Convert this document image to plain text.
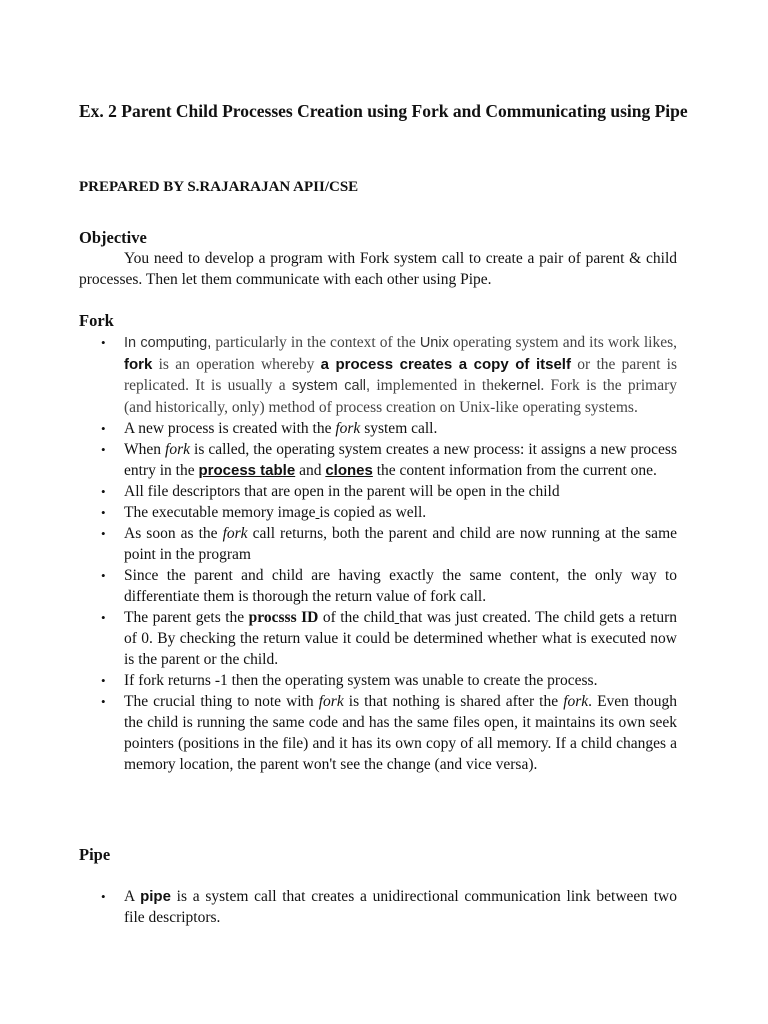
Ex. 2 Parent Child Processes Creation using Fork and Communicating using Pipe
PREPARED BY S.RAJARAJAN APII/CSE
Objective
You need to develop a program with Fork system call to create a pair of parent & child processes. Then let them communicate with each other using Pipe.
Fork
• In computing, particularly in the context of the Unix operating system and its work likes, fork is an operation whereby a process creates a copy of itself or the parent is replicated. It is usually a system call, implemented in thekernel. Fork is the primary (and historically, only) method of process creation on Unix-like operating systems.
• A new process is created with the fork system call.
• When fork is called, the operating system creates a new process: it assigns a new process entry in the process table and clones the content information from the current one.
• All file descriptors that are open in the parent will be open in the child
• The executable memory image is copied as well.
• As soon as the fork call returns, both the parent and child are now running at the same point in the program
• Since the parent and child are having exactly the same content, the only way to differentiate them is thorough the return value of fork call.
• The parent gets the procsss ID of the child that was just created. The child gets a return of 0. By checking the return value it could be determined whether what is executed now is the parent or the child.
• If fork returns -1 then the operating system was unable to create the process.
• The crucial thing to note with fork is that nothing is shared after the fork. Even though the child is running the same code and has the same files open, it maintains its own seek pointers (positions in the file) and it has its own copy of all memory. If a child changes a memory location, the parent won't see the change (and vice versa).
Pipe
• A pipe is a system call that creates a unidirectional communication link between two file descriptors.
